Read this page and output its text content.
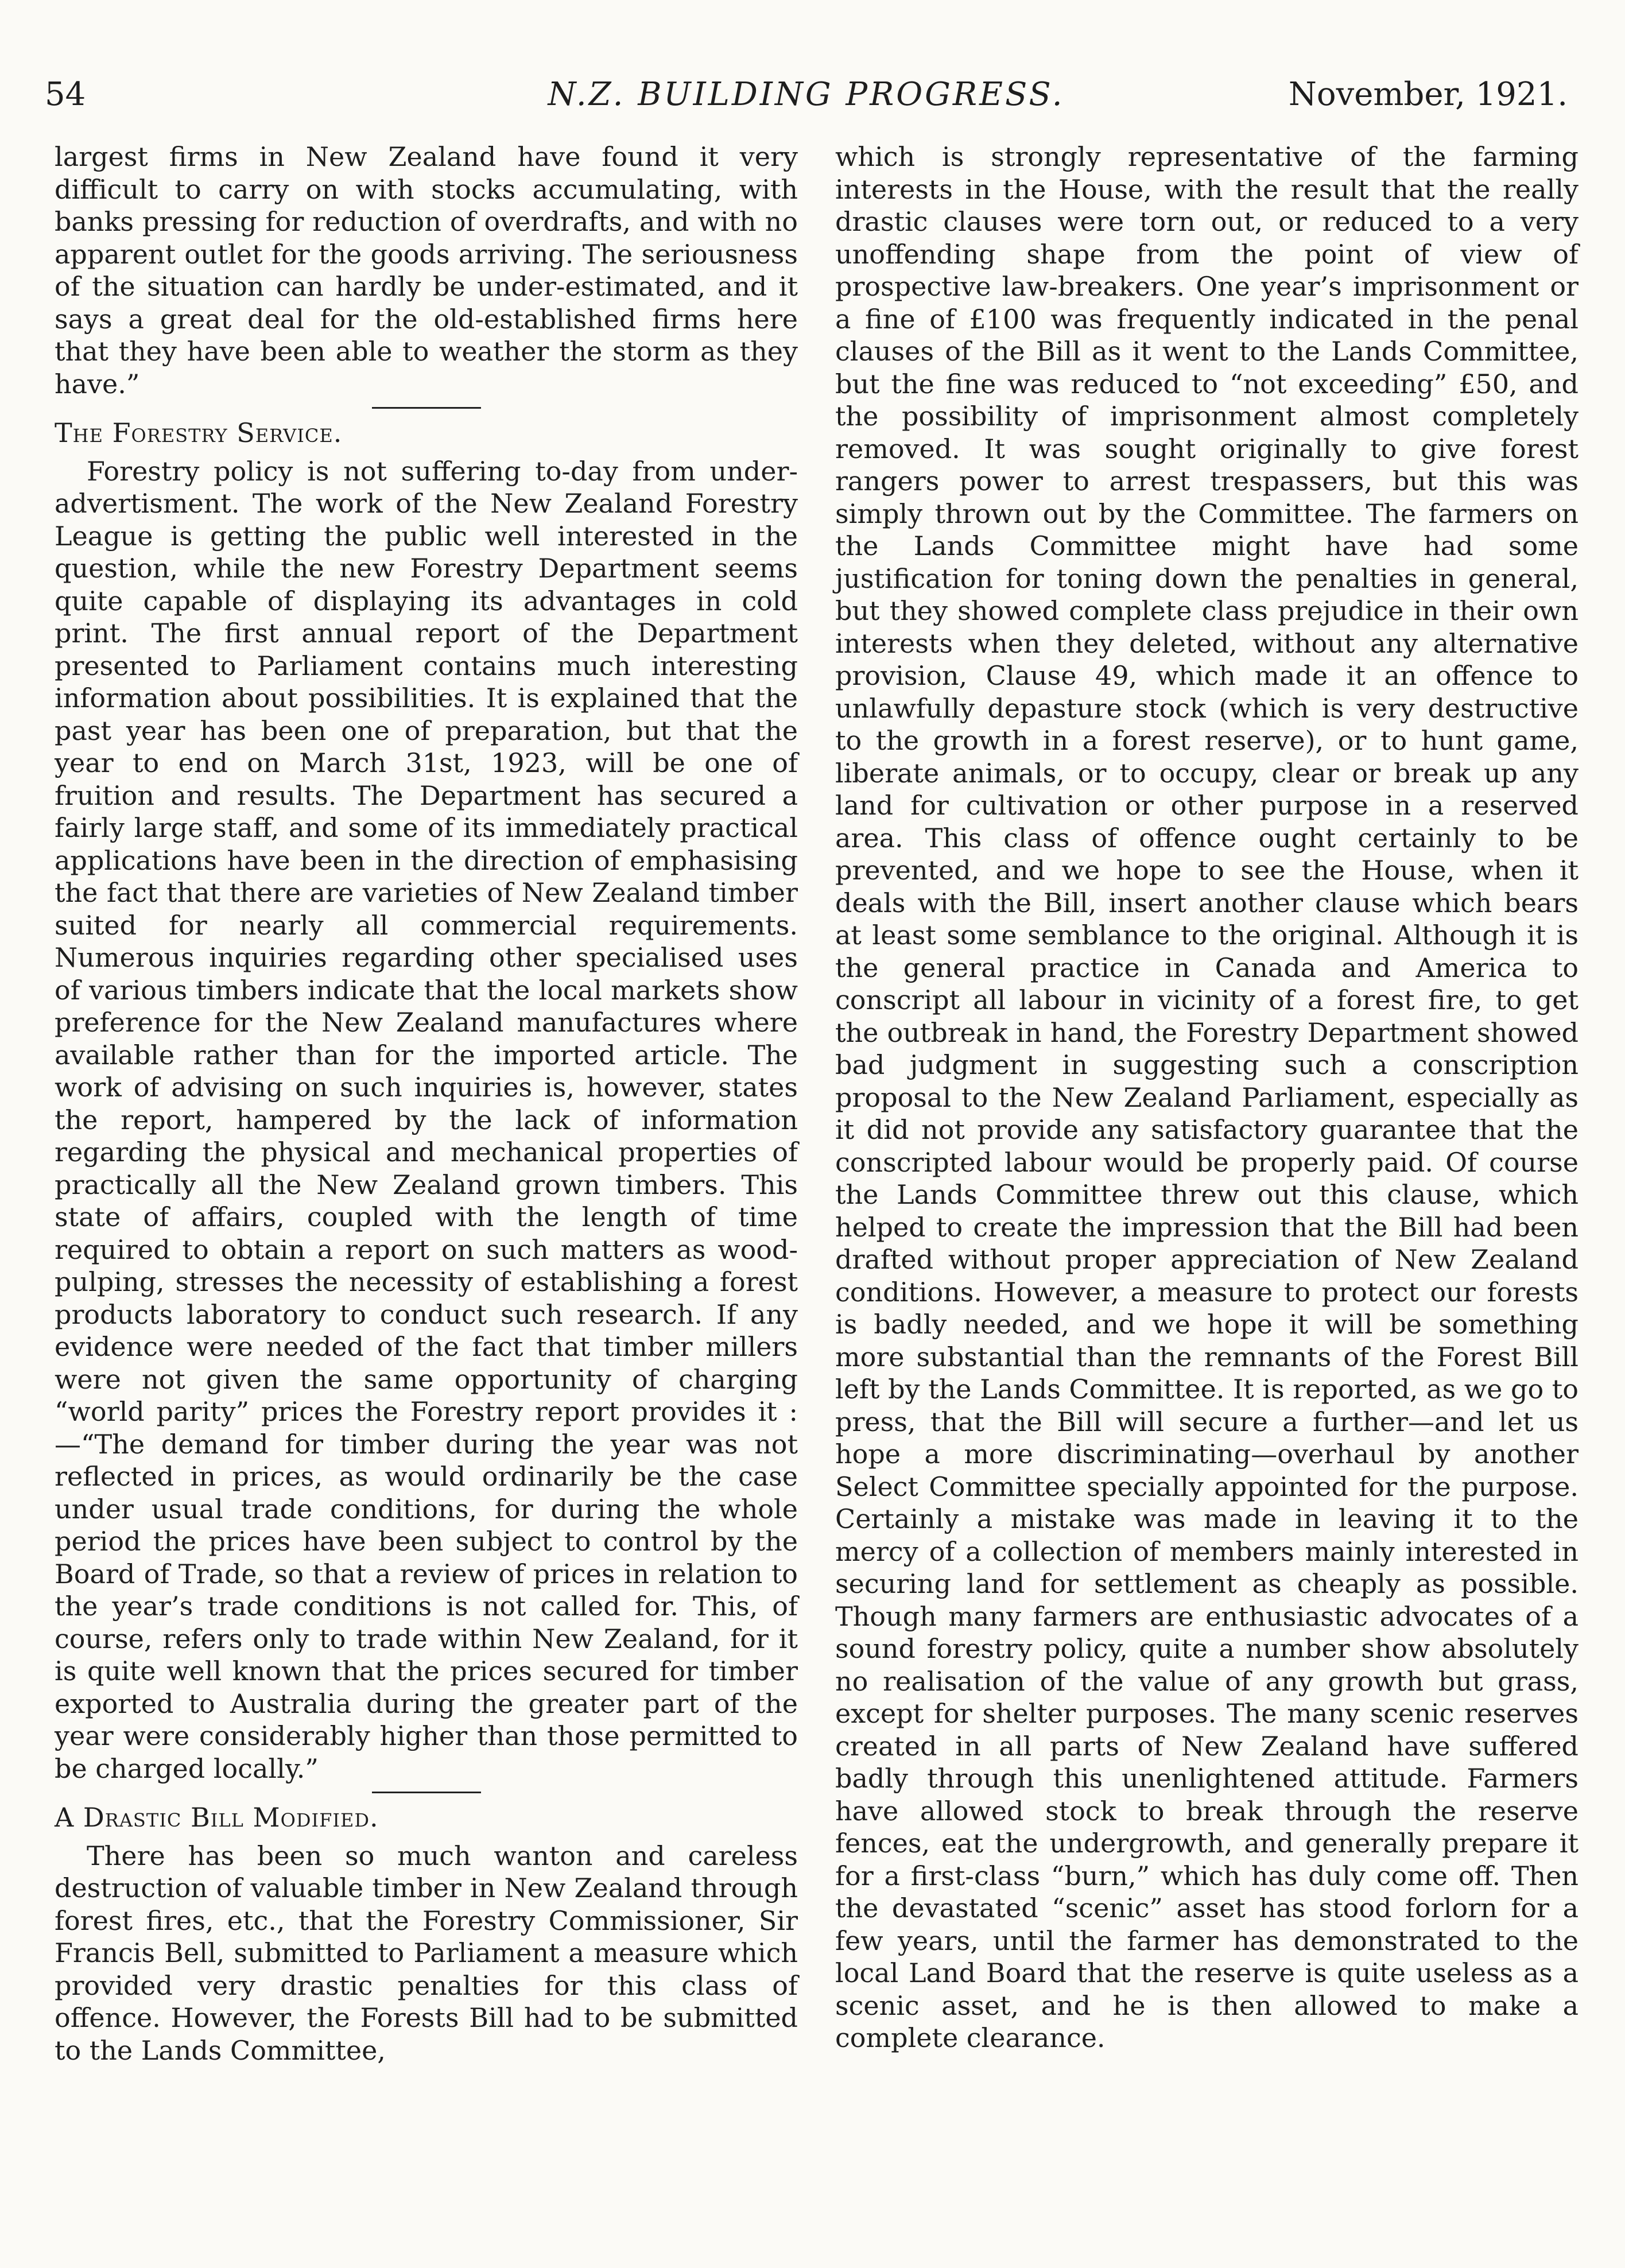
54	N.Z. BUILDING PROGRESS.	November, 1921.

largest firms in New Zealand have found it very difficult to carry on with stocks accumulating, with banks pressing for reduction of overdrafts, and with no apparent outlet for the goods arriving. The seriousness of the situation can hardly be under-estimated, and it says a great deal for the old-established firms here that they have been able to weather the storm as they have.”

The Forestry Service.

Forestry policy is not suffering to-day from under-advertisment. The work of the New Zealand Forestry League is getting the public well interested in the question, while the new Forestry Department seems quite capable of displaying its advantages in cold print. The first annual report of the Department presented to Parliament contains much interesting information about possibilities. It is explained that the past year has been one of preparation, but that the year to end on March 31st, 1923, will be one of fruition and results. The Department has secured a fairly large staff, and some of its immediately practical applications have been in the direction of emphasising the fact that there are varieties of New Zealand timber suited for nearly all commercial requirements. Numerous inquiries regarding other specialised uses of various timbers indicate that the local markets show preference for the New Zealand manufactures where available rather than for the imported article. The work of advising on such inquiries is, however, states the report, hampered by the lack of information regarding the physical and mechanical properties of practically all the New Zealand grown timbers. This state of affairs, coupled with the length of time required to obtain a report on such matters as wood-pulping, stresses the necessity of establishing a forest products laboratory to conduct such research. If any evidence were needed of the fact that timber millers were not given the same opportunity of charging “world parity” prices the Forestry report provides it :—“The demand for timber during the year was not reflected in prices, as would ordinarily be the case under usual trade conditions, for during the whole period the prices have been subject to control by the Board of Trade, so that a review of prices in relation to the year’s trade conditions is not called for. This, of course, refers only to trade within New Zealand, for it is quite well known that the prices secured for timber exported to Australia during the greater part of the year were considerably higher than those permitted to be charged locally.”

A Drastic Bill Modified.

There has been so much wanton and careless destruction of valuable timber in New Zealand through forest fires, etc., that the Forestry Commissioner, Sir Francis Bell, submitted to Parliament a measure which provided very drastic penalties for this class of offence. However, the Forests Bill had to be submitted to the Lands Committee,

which is strongly representative of the farming interests in the House, with the result that the really drastic clauses were torn out, or reduced to a very unoffending shape from the point of view of prospective law-breakers. One year’s imprisonment or a fine of £100 was frequently indicated in the penal clauses of the Bill as it went to the Lands Committee, but the fine was reduced to “not exceeding” £50, and the possibility of imprisonment almost completely removed. It was sought originally to give forest rangers power to arrest trespassers, but this was simply thrown out by the Committee. The farmers on the Lands Committee might have had some justification for toning down the penalties in general, but they showed complete class prejudice in their own interests when they deleted, without any alternative provision, Clause 49, which made it an offence to unlawfully depasture stock (which is very destructive to the growth in a forest reserve), or to hunt game, liberate animals, or to occupy, clear or break up any land for cultivation or other purpose in a reserved area. This class of offence ought certainly to be prevented, and we hope to see the House, when it deals with the Bill, insert another clause which bears at least some semblance to the original. Although it is the general practice in Canada and America to conscript all labour in vicinity of a forest fire, to get the outbreak in hand, the Forestry Department showed bad judgment in suggesting such a conscription proposal to the New Zealand Parliament, especially as it did not provide any satisfactory guarantee that the conscripted labour would be properly paid. Of course the Lands Committee threw out this clause, which helped to create the impression that the Bill had been drafted without proper appreciation of New Zealand conditions. However, a measure to protect our forests is badly needed, and we hope it will be something more substantial than the remnants of the Forest Bill left by the Lands Committee. It is reported, as we go to press, that the Bill will secure a further—and let us hope a more discriminating—overhaul by another Select Committee specially appointed for the purpose. Certainly a mistake was made in leaving it to the mercy of a collection of members mainly interested in securing land for settlement as cheaply as possible. Though many farmers are enthusiastic advocates of a sound forestry policy, quite a number show absolutely no realisation of the value of any growth but grass, except for shelter purposes. The many scenic reserves created in all parts of New Zealand have suffered badly through this unenlightened attitude. Farmers have allowed stock to break through the reserve fences, eat the undergrowth, and generally prepare it for a first-class “burn,” which has duly come off. Then the devastated “scenic” asset has stood forlorn for a few years, until the farmer has demonstrated to the local Land Board that the reserve is quite useless as a scenic asset, and he is then allowed to make a complete clearance.
